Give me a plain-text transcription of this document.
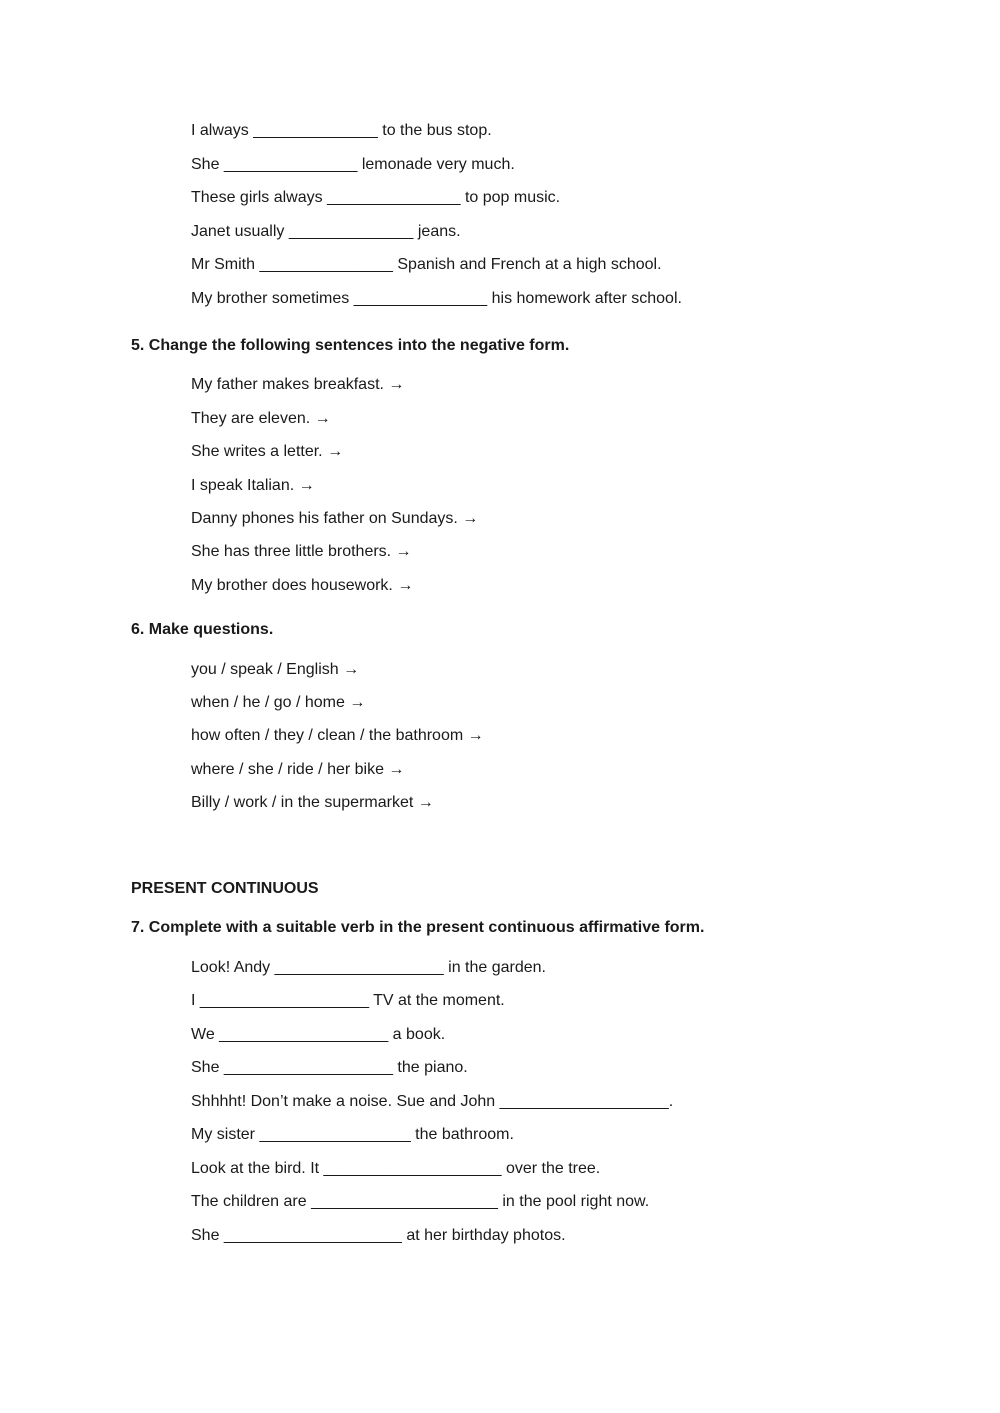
I always ______________ to the bus stop.
She _______________ lemonade very much.
These girls always _______________ to pop music.
Janet usually ______________ jeans.
Mr Smith _______________ Spanish and French at a high school.
My brother sometimes _______________ his homework after school.
5. Change the following sentences into the negative form.
My father makes breakfast. →
They are eleven. →
She writes a letter. →
I speak Italian. →
Danny phones his father on Sundays. →
She has three little brothers. →
My brother does housework. →
6. Make questions.
you / speak / English →
when / he / go / home →
how often / they / clean / the bathroom →
where / she / ride / her bike →
Billy / work / in the supermarket →
PRESENT CONTINUOUS
7. Complete with a suitable verb in the present continuous affirmative form.
Look! Andy ___________________ in the garden.
I ___________________ TV at the moment.
We ___________________ a book.
She ___________________ the piano.
Shhhht! Don’t make a noise. Sue and John ___________________.
My sister _________________ the bathroom.
Look at the bird. It ____________________ over the tree.
The children are _____________________ in the pool right now.
She ____________________ at her birthday photos.
